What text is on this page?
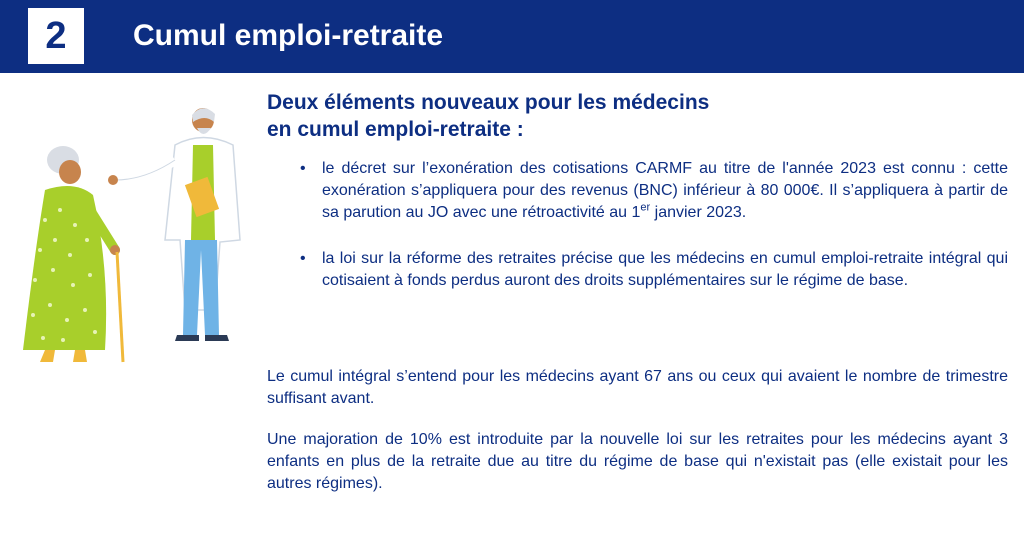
2	Cumul emploi-retraite
Deux éléments nouveaux pour les médecins
en cumul emploi-retraite :
• le décret sur l’exonération des cotisations CARMF au titre de l'année 2023 est connu : cette exonération s’appliquera pour des revenus (BNC) inférieur à 80 000€. Il s’appliquera à partir de sa parution au JO avec une rétroactivité au 1er janvier 2023.
• la loi sur la réforme des retraites précise que les médecins en cumul emploi-retraite intégral qui cotisaient à fonds perdus auront des droits supplémentaires sur le régime de base.

Le cumul intégral s’entend pour les médecins ayant 67 ans ou ceux qui avaient le nombre de trimestre suffisant avant.

Une majoration de 10% est introduite par la nouvelle loi sur les retraites pour les médecins ayant 3 enfants en plus de la retraite due au titre du régime de base qui n'existait pas (elle existait pour les autres régimes).
